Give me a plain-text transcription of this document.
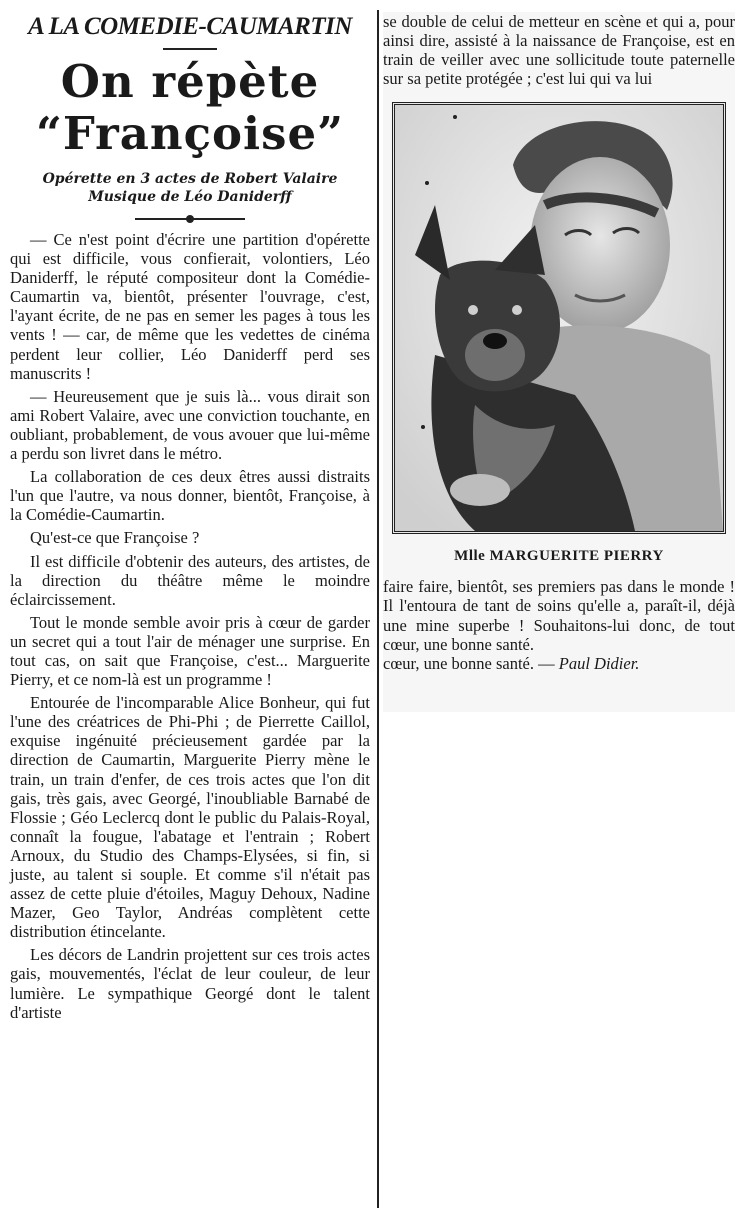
A LA COMEDIE-CAUMARTIN
On répète
“Françoise”

Opérette en 3 actes de Robert Valaire
Musique de Léo Daniderff

— Ce n'est point d'écrire une partition d'opérette qui est difficile, vous confierait, volontiers, Léo Daniderff, le réputé compositeur dont la Comédie-Caumartin va, bientôt, présenter l'ouvrage, c'est, l'ayant écrite, de ne pas en semer les pages à tous les vents ! — car, de même que les vedettes de cinéma perdent leur collier, Léo Daniderff perd ses manuscrits !

— Heureusement que je suis là... vous dirait son ami Robert Valaire, avec une conviction touchante, en oubliant, probablement, de vous avouer que lui-même a perdu son livret dans le métro.

La collaboration de ces deux êtres aussi distraits l'un que l'autre, va nous donner, bientôt, Françoise, à la Comédie-Caumartin.

Qu'est-ce que Françoise ?

Il est difficile d'obtenir des auteurs, des artistes, de la direction du théâtre même le moindre éclaircissement.

Tout le monde semble avoir pris à cœur de garder un secret qui a tout l'air de ménager une surprise. En tout cas, on sait que Françoise, c'est... Marguerite Pierry, et ce nom-là est un programme !

Entourée de l'incomparable Alice Bonheur, qui fut l'une des créatrices de Phi-Phi ; de Pierrette Caillol, exquise ingénuité précieusement gardée par la direction de Caumartin, Marguerite Pierry mène le train, un train d'enfer, de ces trois actes que l'on dit gais, très gais, avec Georgé, l'inoubliable Barnabé de Flossie ; Géo Leclercq dont le public du Palais-Royal, connaît la fougue, l'abatage et l'entrain ; Robert Arnoux, du Studio des Champs-Elysées, si fin, si juste, au talent si souple. Et comme s'il n'était pas assez de cette pluie d'étoiles, Maguy Dehoux, Nadine Mazer, Geo Taylor, Andréas complètent cette distribution étincelante.

Les décors de Landrin projettent sur ces trois actes gais, mouvementés, l'éclat de leur couleur, de leur lumière. Le sympathique Georgé dont le talent d'artiste

se double de celui de metteur en scène et qui a, pour ainsi dire, assisté à la naissance de Françoise, est en train de veiller avec une sollicitude toute paternelle sur sa petite protégée ; c'est lui qui va lui

Mlle MARGUERITE PIERRY

faire faire, bientôt, ses premiers pas dans le monde ! Il l'entoura de tant de soins qu'elle a, paraît-il, déjà une mine superbe ! Souhaitons-lui donc, de tout cœur, une bonne santé.

cœur, une bonne santé. — Paul Didier.
